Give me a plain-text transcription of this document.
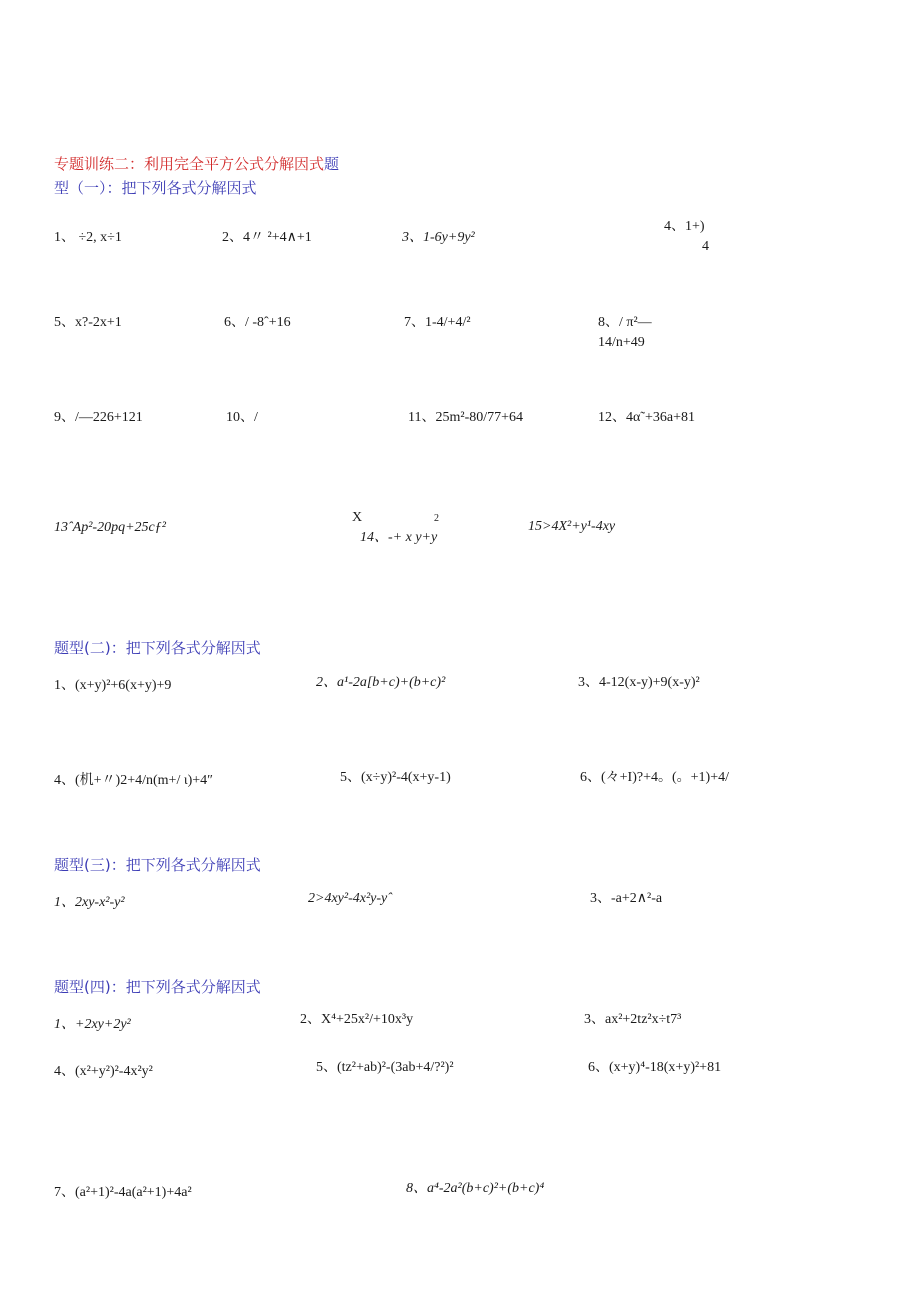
专题训练二：利用完全平方公式分解因式题
型（一）：把下列各式分解因式
1、 ÷2, x÷1	2、4〃 ²+4∧+1	3、1-6y+9y²
4、1+)
4
5、x?-2x+1	6、/ -8ˆ+16	7、1-4/+4/²	8、/ π²—
14/n+49
9、/—226+121	10、/	11、25m²-80/77+64	12、4α˜+36a+81
13ˆAp²-20pq+25cƒ²
X	2
14、-+ x y+y
15>4X²+y¹-4xy
题型(二)：把下列各式分解因式
1、(x+y)²+6(x+y)+9	2、a¹-2a[b+c)+(b+c)²	3、4-12(x-y)+9(x-y)²
4、(机+〃)2+4/n(m+/ ι)+4″	5、(x÷y)²-4(x+y-1)	6、(々+I)?+4。(。+1)+4/
题型(三)：把下列各式分解因式
1、2xy-x²-y²	2>4xy²-4x²y-yˆ	3、-a+2∧²-a
题型(四)：把下列各式分解因式
1、+2xy+2y²	2、X⁴+25x²/+10x³y	3、ax²+2tz²x÷t7³
4、(x²+y²)²-4x²y²	5、(tz²+ab)²-(3ab+4/?²)²	6、(x+y)⁴-18(x+y)²+81
7、(a²+1)²-4a(a²+1)+4a²	8、a⁴-2a²(b+c)²+(b+c)⁴
